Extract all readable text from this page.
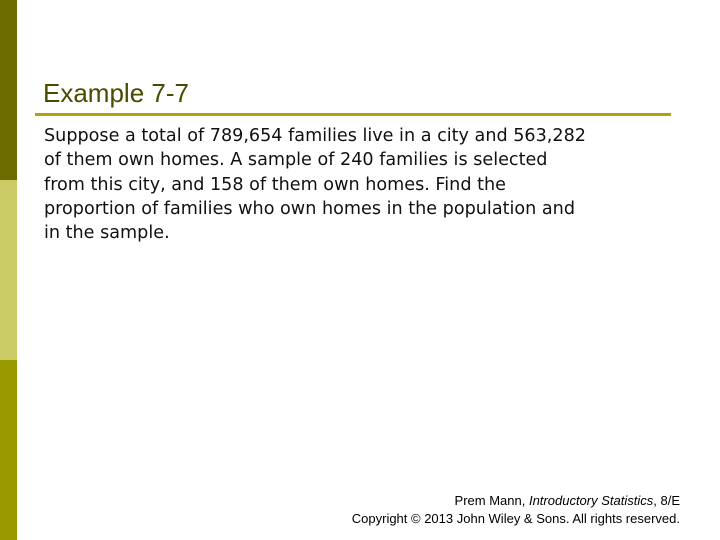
Example 7-7
Suppose a total of 789,654 families live in a city and 563,282
of them own homes. A sample of 240 families is selected
from this city, and 158 of them own homes. Find the
proportion of families who own homes in the population and
in the sample.
Prem Mann, Introductory Statistics, 8/E
Copyright © 2013 John Wiley & Sons. All rights reserved.
